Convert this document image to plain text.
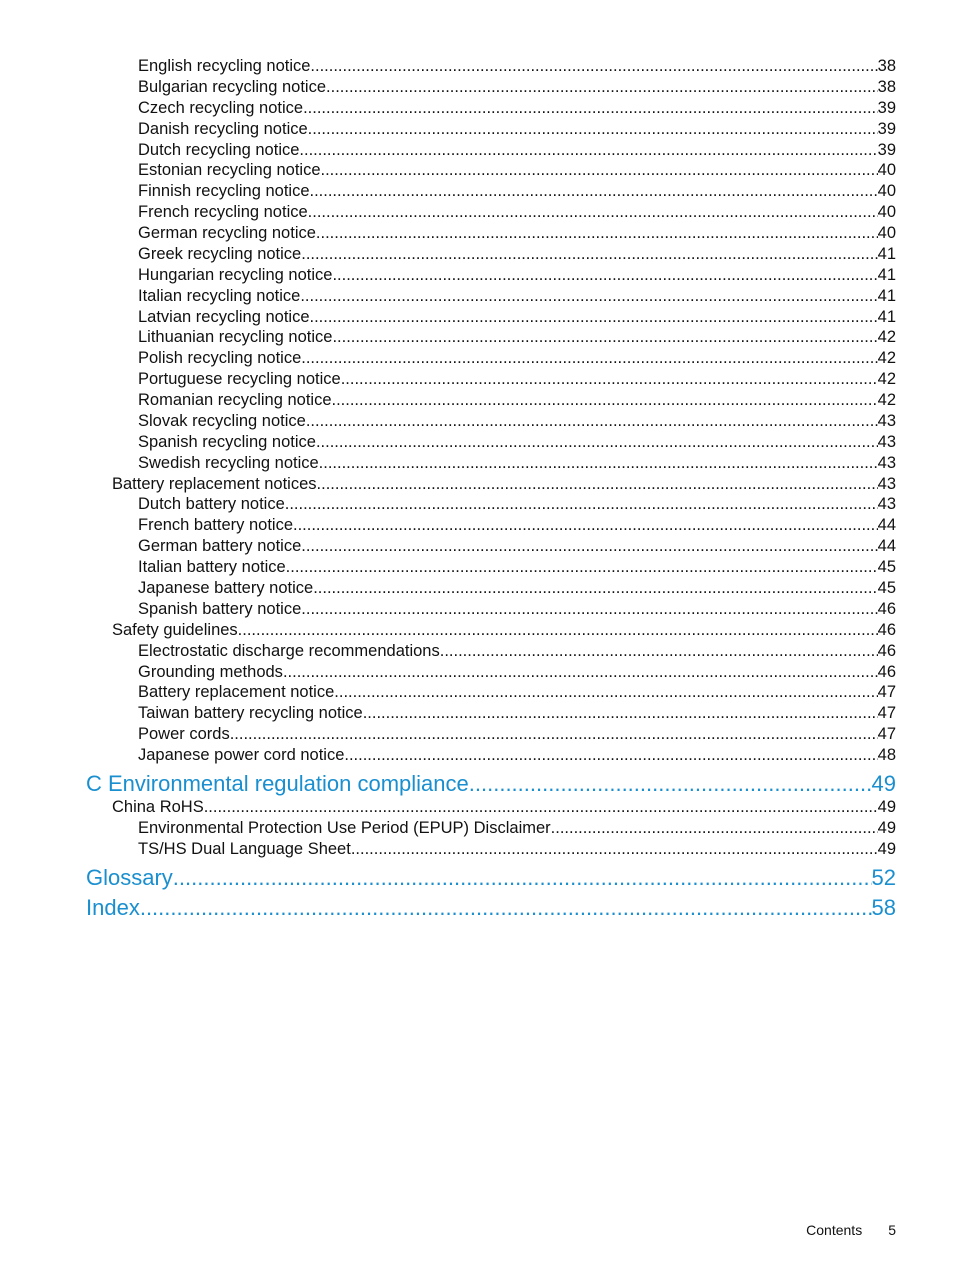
English recycling notice .....	38
Bulgarian recycling notice .....	38
Czech recycling notice .....	39
Danish recycling notice .....	39
Dutch recycling notice .....	39
Estonian recycling notice .....	40
Finnish recycling notice .....	40
French recycling notice .....	40
German recycling notice .....	40
Greek recycling notice .....	41
Hungarian recycling notice .....	41
Italian recycling notice .....	41
Latvian recycling notice .....	41
Lithuanian recycling notice .....	42
Polish recycling notice .....	42
Portuguese recycling notice .....	42
Romanian recycling notice .....	42
Slovak recycling notice .....	43
Spanish recycling notice .....	43
Swedish recycling notice .....	43
Battery replacement notices .....	43
Dutch battery notice .....	43
French battery notice .....	44
German battery notice .....	44
Italian battery notice .....	45
Japanese battery notice .....	45
Spanish battery notice .....	46
Safety guidelines .....	46
Electrostatic discharge recommendations .....	46
Grounding methods .....	46
Battery replacement notice .....	47
Taiwan battery recycling notice .....	47
Power cords .....	47
Japanese power cord notice .....	48
C Environmental regulation compliance .....	49
China RoHS .....	49
Environmental Protection Use Period (EPUP) Disclaimer .....	49
TS/HS Dual Language Sheet .....	49
Glossary .....	52
Index .....	58
Contents 5
